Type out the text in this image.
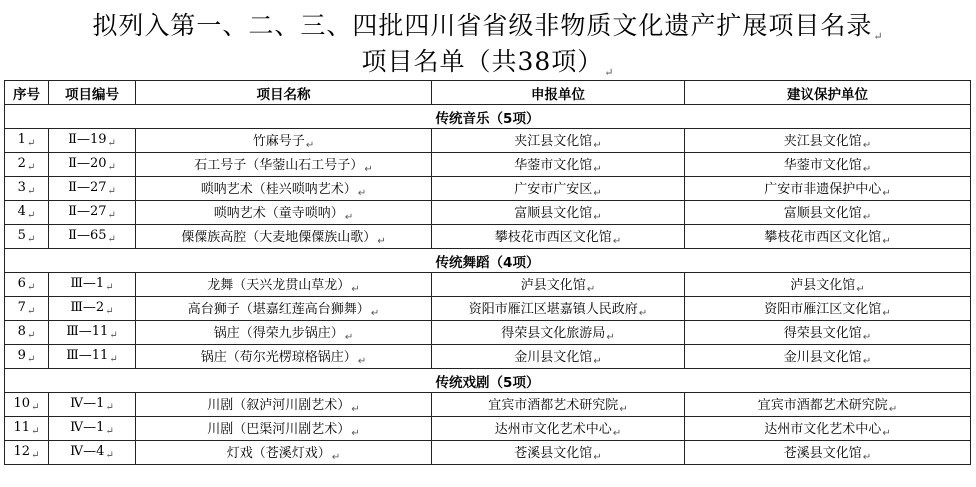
拟列入第一、二、三、四批四川省省级非物质文化遗产扩展项目名录$_↵$
项目名单（共38项）$_↵$
序号	项目编号	项目名称	申报单位	建议保护单位
传统音乐（5项）				
$1_↵$	$Ⅱ—19_↵$	竹麻号子$_↵$	夹江县文化馆$_↵$	夹江县文化馆$_↵$
$2_↵$	$Ⅱ—20_↵$	石工号子（华蓥山石工号子）$_↵$	华蓥市文化馆$_↵$	华蓥市文化馆$_↵$
$3_↵$	$Ⅱ—27_↵$	唢呐艺术（桂兴唢呐艺术）$_↵$	广安市广安区$_↵$	广安市非遗保护中心$_↵$
$4_↵$	$Ⅱ—27_↵$	唢呐艺术（童寺唢呐）$_↵$	富顺县文化馆$_↵$	富顺县文化馆$_↵$
$5_↵$	$Ⅱ—65_↵$	傈僳族高腔（大麦地傈僳族山歌）$_↵$	攀枝花市西区文化馆$_↵$	攀枝花市西区文化馆$_↵$
传统舞蹈（4项）				
$6_↵$	$Ⅲ—1_↵$	龙舞（天兴龙贯山草龙）$_↵$	泸县文化馆$_↵$	泸县文化馆$_↵$
$7_↵$	$Ⅲ—2_↵$	高台狮子（堪嘉红莲高台狮舞）$_↵$	资阳市雁江区堪嘉镇人民政府$_↵$	资阳市雁江区文化馆$_↵$
$8_↵$	$Ⅲ—11_↵$	锅庄（得荣九步锅庄）$_↵$	得荣县文化旅游局$_↵$	得荣县文化馆$_↵$
$9_↵$	$Ⅲ—11_↵$	锅庄（苟尔光楞琼格锅庄）$_↵$	金川县文化馆$_↵$	金川县文化馆$_↵$
传统戏剧（5项）				
$10_↵$	$Ⅳ—1_↵$	川剧（叙泸河川剧艺术）$_↵$	宜宾市酒都艺术研究院$_↵$	宜宾市酒都艺术研究院$_↵$
$11_↵$	$Ⅳ—1_↵$	川剧（巴渠河川剧艺术）$_↵$	达州市文化艺术中心$_↵$	达州市文化艺术中心$_↵$
$12_↵$	$Ⅳ—4_↵$	灯戏（苍溪灯戏）$_↵$	苍溪县文化馆$_↵$	苍溪县文化馆$_↵$
